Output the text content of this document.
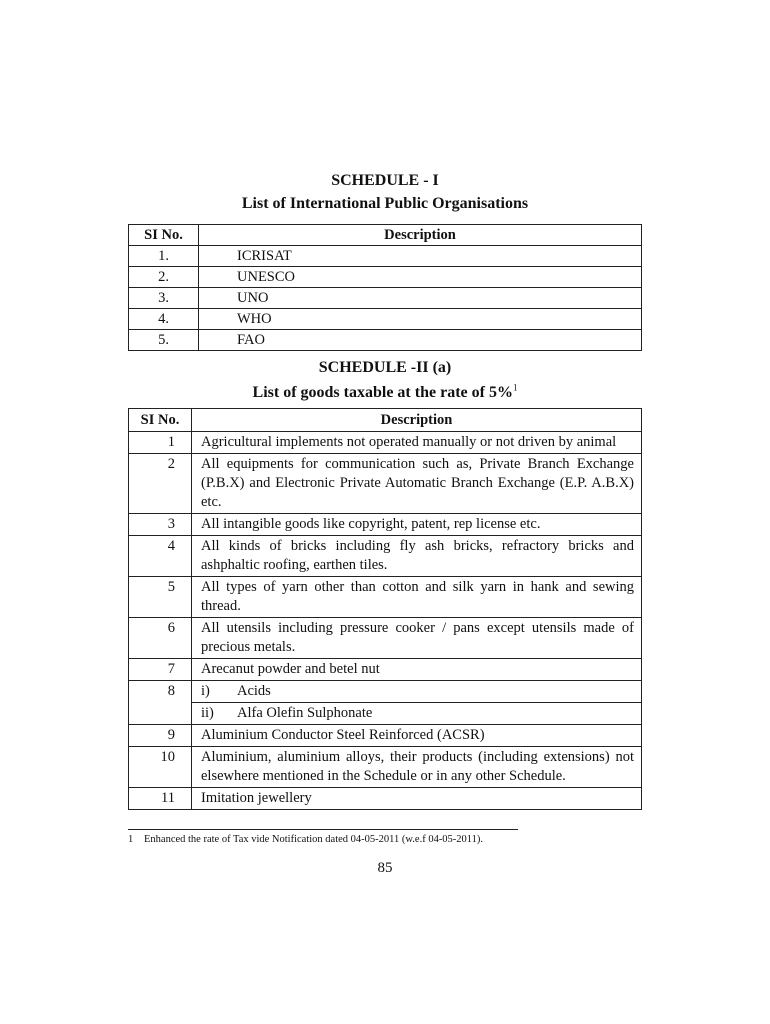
SCHEDULE - I
List of International Public Organisations
SI No.	Description
1.	ICRISAT
2.	UNESCO
3.	UNO
4.	WHO
5.	FAO
SCHEDULE -II (a)
List of goods taxable at the rate of 5%$^1$
SI No.	Description
1	Agricultural implements not operated manually or not driven by animal
2	All equipments for communication such as, Private Branch Exchange (P.B.X) and Electronic Private Automatic Branch Exchange (E.P. A.B.X) etc.
3	All intangible goods like copyright, patent, rep license etc.
4	All kinds of bricks including fly ash bricks, refractory bricks and ashphaltic roofing, earthen tiles.
5	All types of yarn other than cotton and silk yarn in hank and sewing thread.
6	All utensils including pressure cooker / pans except utensils made of precious metals.
7	Arecanut powder and betel nut
8	i) Acids
	ii) Alfa Olefin Sulphonate
9	Aluminium Conductor Steel Reinforced (ACSR)
10	Aluminium, aluminium alloys, their products (including extensions) not elsewhere mentioned in the Schedule or in any other Schedule.
11	Imitation jewellery
1 Enhanced the rate of Tax vide Notification dated 04-05-2011 (w.e.f 04-05-2011).
85
